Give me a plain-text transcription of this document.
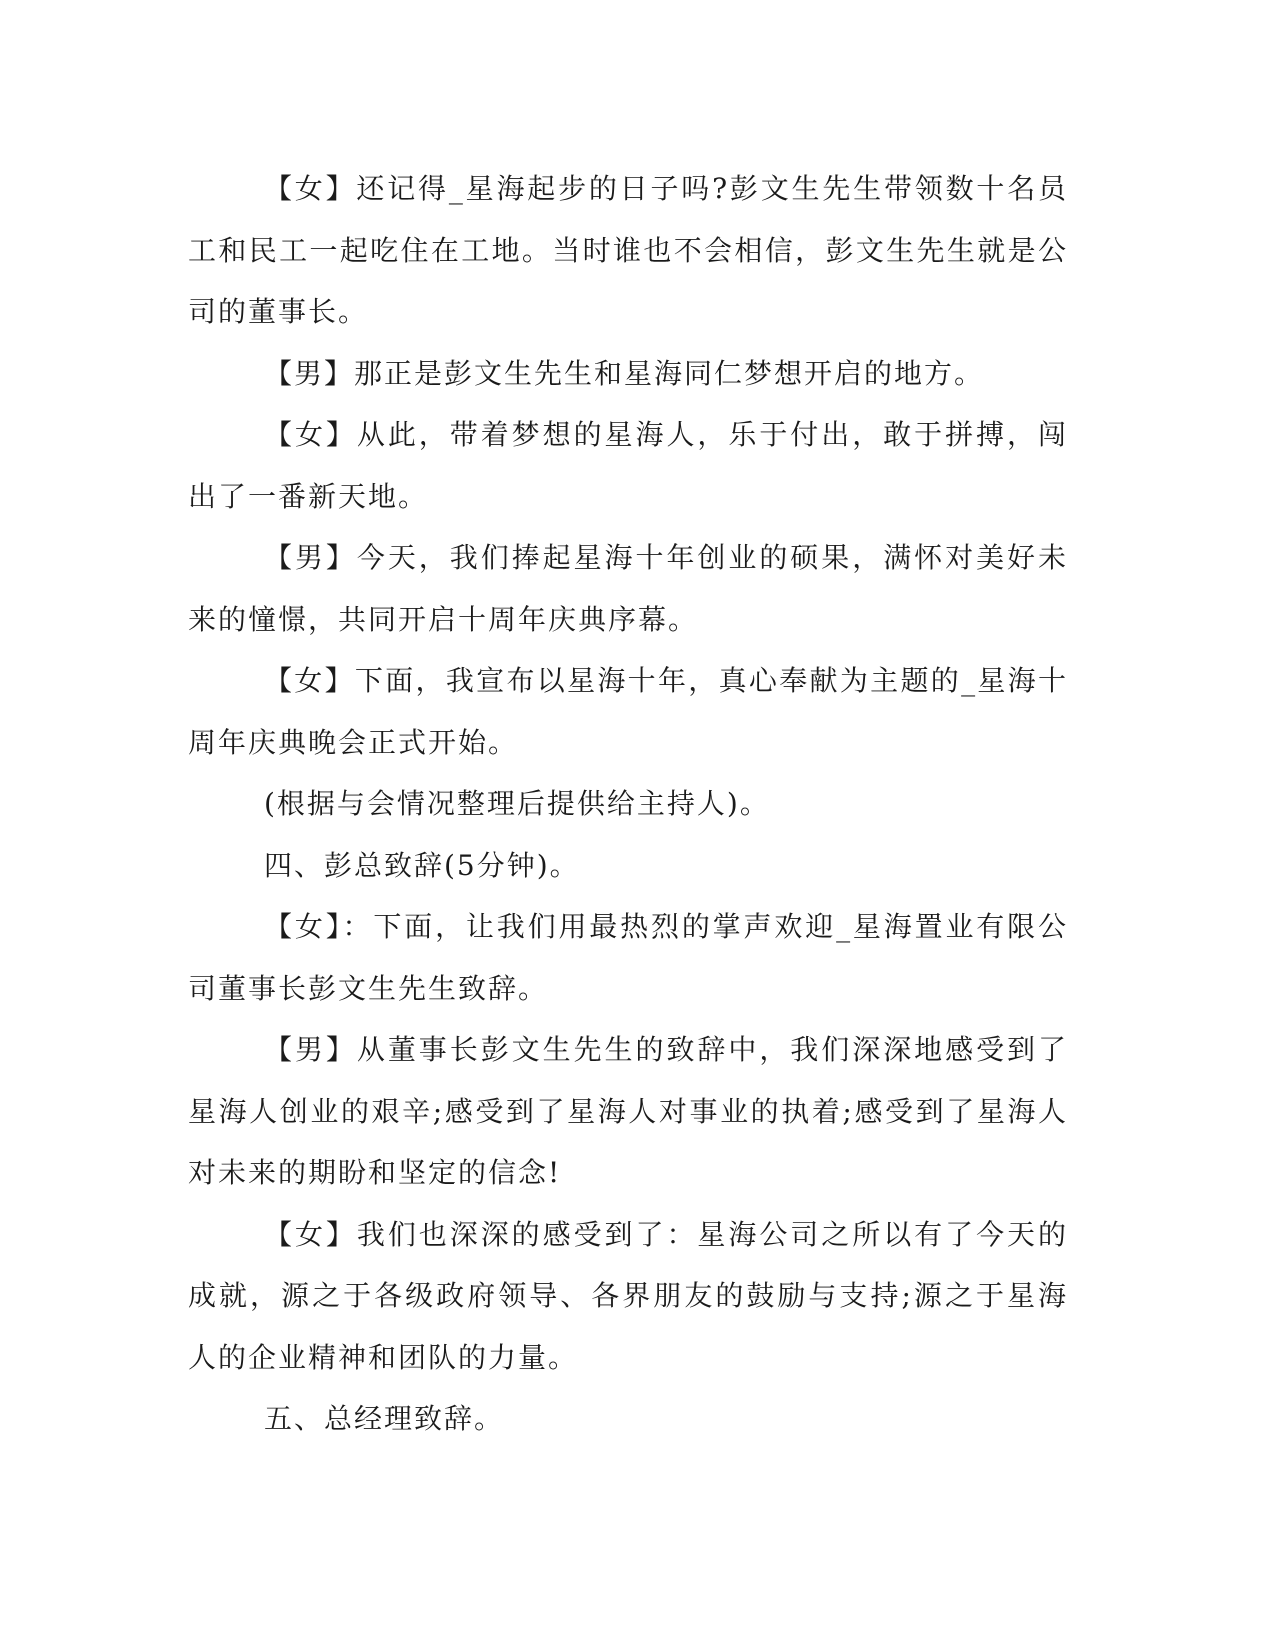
【女】还记得_星海起步的日子吗?彭文生先生带领数十名员工和民工一起吃住在工地。当时谁也不会相信，彭文生先生就是公司的董事长。

【男】那正是彭文生先生和星海同仁梦想开启的地方。

【女】从此，带着梦想的星海人，乐于付出，敢于拼搏，闯出了一番新天地。

【男】今天，我们捧起星海十年创业的硕果，满怀对美好未来的憧憬，共同开启十周年庆典序幕。

【女】下面，我宣布以星海十年，真心奉献为主题的_星海十周年庆典晚会正式开始。

(根据与会情况整理后提供给主持人)。

四、彭总致辞(5分钟)。

【女】：下面，让我们用最热烈的掌声欢迎_星海置业有限公司董事长彭文生先生致辞。

【男】从董事长彭文生先生的致辞中，我们深深地感受到了星海人创业的艰辛;感受到了星海人对事业的执着;感受到了星海人对未来的期盼和坚定的信念!

【女】我们也深深的感受到了：星海公司之所以有了今天的成就，源之于各级政府领导、各界朋友的鼓励与支持;源之于星海人的企业精神和团队的力量。

五、总经理致辞。
